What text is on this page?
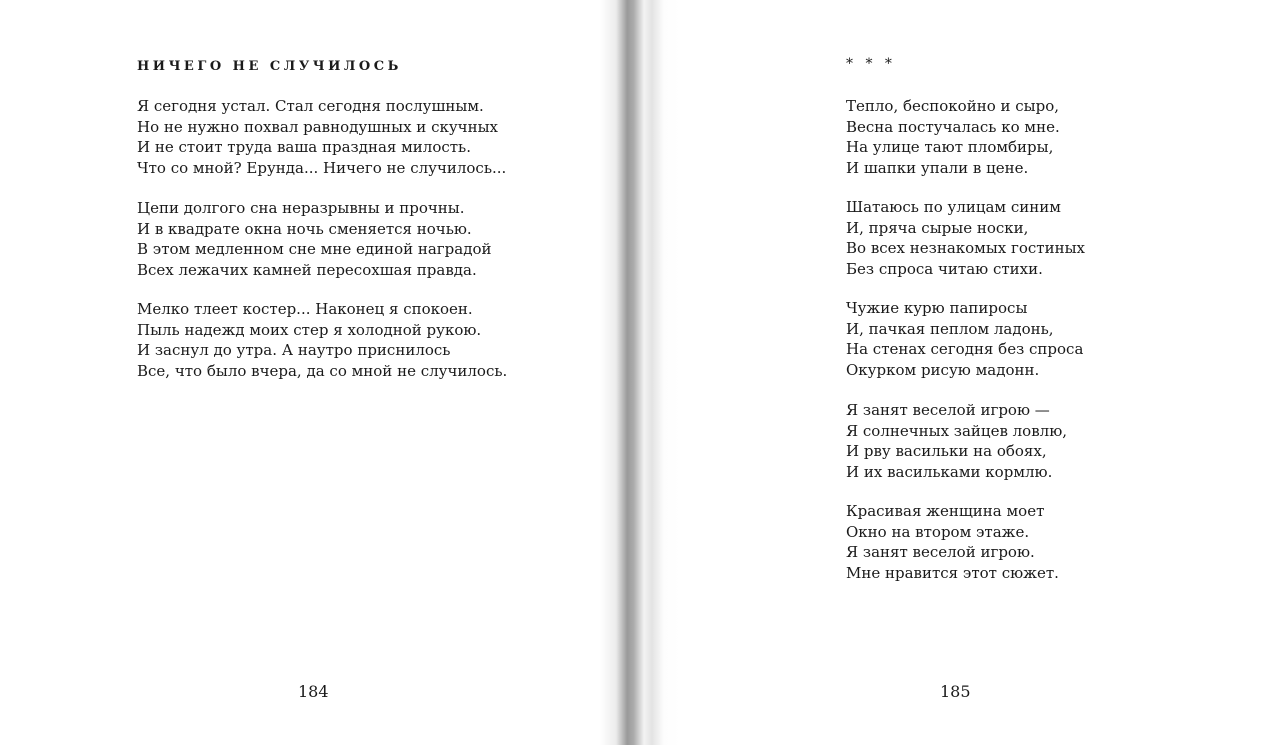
НИЧЕГО НЕ СЛУЧИЛОСЬ

Я сегодня устал. Стал сегодня послушным.
Но не нужно похвал равнодушных и скучных
И не стоит труда ваша праздная милость.
Что со мной? Ерунда... Ничего не случилось...

Цепи долгого сна неразрывны и прочны.
И в квадрате окна ночь сменяется ночью.
В этом медленном сне мне единой наградой
Всех лежачих камней пересохшая правда.

Мелко тлеет костер... Наконец я спокоен.
Пыль надежд моих стер я холодной рукою.
И заснул до утра. А наутро приснилось
Все, что было вчера, да со мной не случилось.

184

* * *

Тепло, беспокойно и сыро,
Весна постучалась ко мне.
На улице тают пломбиры,
И шапки упали в цене.

Шатаюсь по улицам синим
И, пряча сырые носки,
Во всех незнакомых гостиных
Без спроса читаю стихи.

Чужие курю папиросы
И, пачкая пеплом ладонь,
На стенах сегодня без спроса
Окурком рисую мадонн.

Я занят веселой игрою —
Я солнечных зайцев ловлю,
И рву васильки на обоях,
И их васильками кормлю.

Красивая женщина моет
Окно на втором этаже.
Я занят веселой игрою.
Мне нравится этот сюжет.

185
